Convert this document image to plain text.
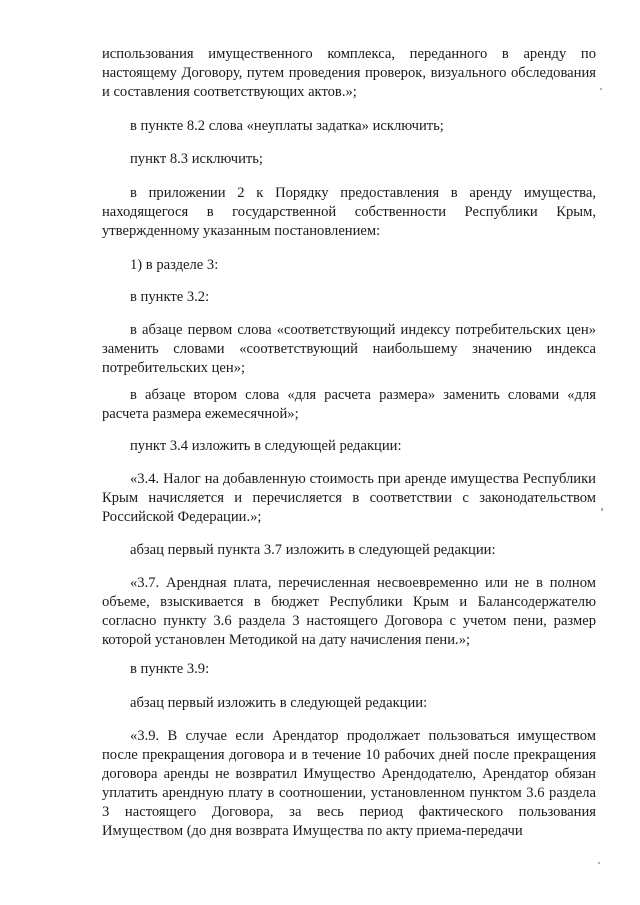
использования имущественного комплекса, переданного в аренду по настоящему Договору, путем проведения проверок, визуального обследования и составления соответствующих актов.»;

в пункте 8.2 слова «неуплаты задатка» исключить;

пункт 8.3 исключить;

в приложении 2 к Порядку предоставления в аренду имущества, находящегося в государственной собственности Республики Крым, утвержденному указанным постановлением:

1) в разделе 3:

в пункте 3.2:

в абзаце первом слова «соответствующий индексу потребительских цен» заменить словами «соответствующий наибольшему значению индекса потребительских цен»;

в абзаце втором слова «для расчета размера» заменить словами «для расчета размера ежемесячной»;

пункт 3.4 изложить в следующей редакции:

«3.4. Налог на добавленную стоимость при аренде имущества Республики Крым начисляется и перечисляется в соответствии с законодательством Российской Федерации.»;

абзац первый пункта 3.7 изложить в следующей редакции:

«3.7. Арендная плата, перечисленная несвоевременно или не в полном объеме, взыскивается в бюджет Республики Крым и Балансодержателю согласно пункту 3.6 раздела 3 настоящего Договора с учетом пени, размер которой установлен Методикой на дату начисления пени.»;

в пункте 3.9:

абзац первый изложить в следующей редакции:

«3.9. В случае если Арендатор продолжает пользоваться имуществом после прекращения договора и в течение 10 рабочих дней после прекращения договора аренды не возвратил Имущество Арендодателю, Арендатор обязан уплатить арендную плату в соотношении, установленном пунктом 3.6 раздела 3 настоящего Договора, за весь период фактического пользования Имуществом (до дня возврата Имущества по акту приема-передачи
